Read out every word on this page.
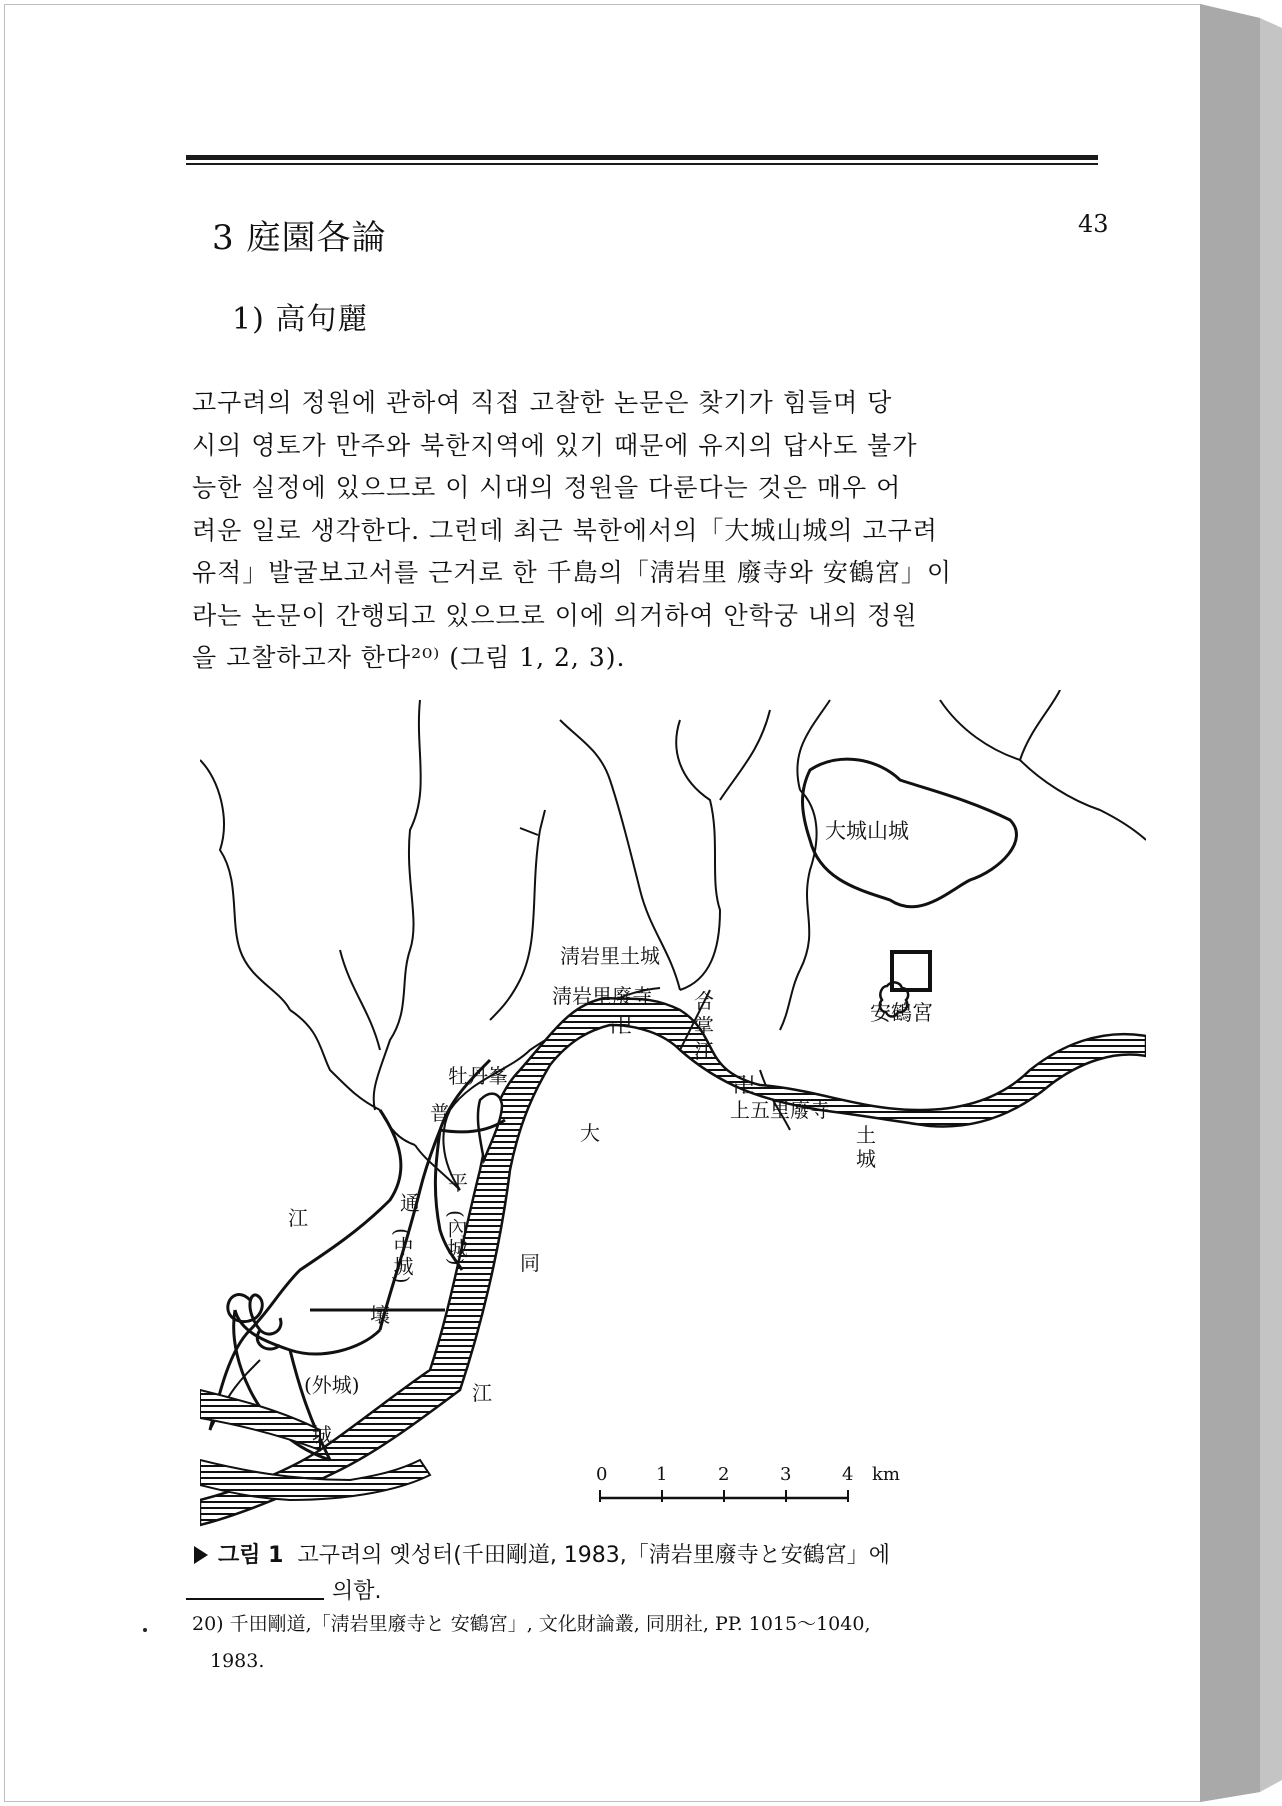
3 庭園各論	43
1) 高句麗
고구려의 정원에 관하여 직접 고찰한 논문은 찾기가 힘들며 당
시의 영토가 만주와 북한지역에 있기 때문에 유지의 답사도 불가
능한 실정에 있으므로 이 시대의 정원을 다룬다는 것은 매우 어
려운 일로 생각한다. 그런데 최근 북한에서의「大城山城의 고구려
유적」발굴보고서를 근거로 한 千島의「淸岩里 廢寺와 安鶴宮」이
라는 논문이 간행되고 있으므로 이에 의거하여 안학궁 내의 정원
을 고찰하고자 한다²⁰⁾ (그림 1, 2, 3).
大城山城
安鶴宮
淸岩里土城
淸岩里廢寺
卍
合
掌
江
卍
上五里廢寺
土
城
牡丹峯
普
通
江
大
同
江
平
(內城)
(中城)
壤
(外城)
城
0	1	2	3	4 km
그림 1 고구려의 옛성터(千田剛道, 1983,「淸岩里廢寺と安鶴宮」에
의함.
20) 千田剛道,「淸岩里廢寺と 安鶴宮」, 文化財論叢, 同朋社, PP. 1015～1040,
1983.
